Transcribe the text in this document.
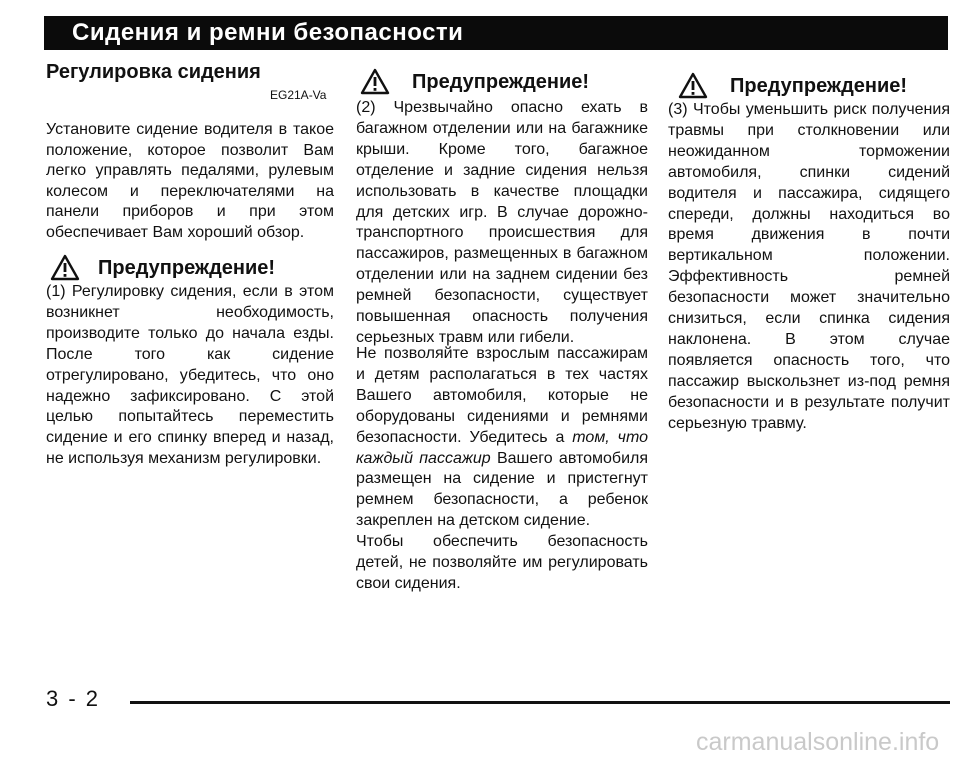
Сидения и ремни безопасности
Регулировка сидения
EG21A-Va
Установите сидение водителя в такое положение, которое позволит Вам легко управлять педалями, рулевым колесом и переключателями на панели приборов и при этом обеспечивает Вам хороший обзор.
Предупреждение!
(1) Регулировку сидения, если в этом возникнет необходимость, производите только до начала езды. После того как сидение отрегулировано, убедитесь, что оно надежно зафиксировано. С этой целью попытайтесь переместить сидение и его спинку вперед и назад, не используя механизм регулировки.
Предупреждение!
(2) Чрезвычайно опасно ехать в багажном отделении или на багажнике крыши. Кроме того, багажное отделение и задние сидения нельзя использовать в качестве площадки для детских игр. В случае дорожно-транспортного происшествия для пассажиров, размещенных в багажном отделении или на заднем сидении без ремней безопасности, существует повышенная опасность получения серьезных травм или гибели.
Не позволяйте взрослым пассажирам и детям располагаться в тех частях Вашего автомобиля, которые не оборудованы сидениями и ремнями безопасности. Убедитесь а том, что каждый пассажир Вашего автомобиля размещен на сидение и пристегнут ремнем безопасности, а ребенок закреплен на детском сидение.
Чтобы обеспечить безопасность детей, не позволяйте им регулировать свои сидения.
Предупреждение!
(3) Чтобы уменьшить риск получения травмы при столкновении или неожиданном торможении автомобиля, спинки сидений водителя и пассажира, сидящего спереди, должны находиться во время движения в почти вертикальном положении. Эффективность ремней безопасности может значительно снизиться, если спинка сидения наклонена. В этом случае появляется опасность того, что пассажир выскользнет из-под ремня безопасности и в результате получит серьезную травму.
3 - 2
carmanualsonline.info
